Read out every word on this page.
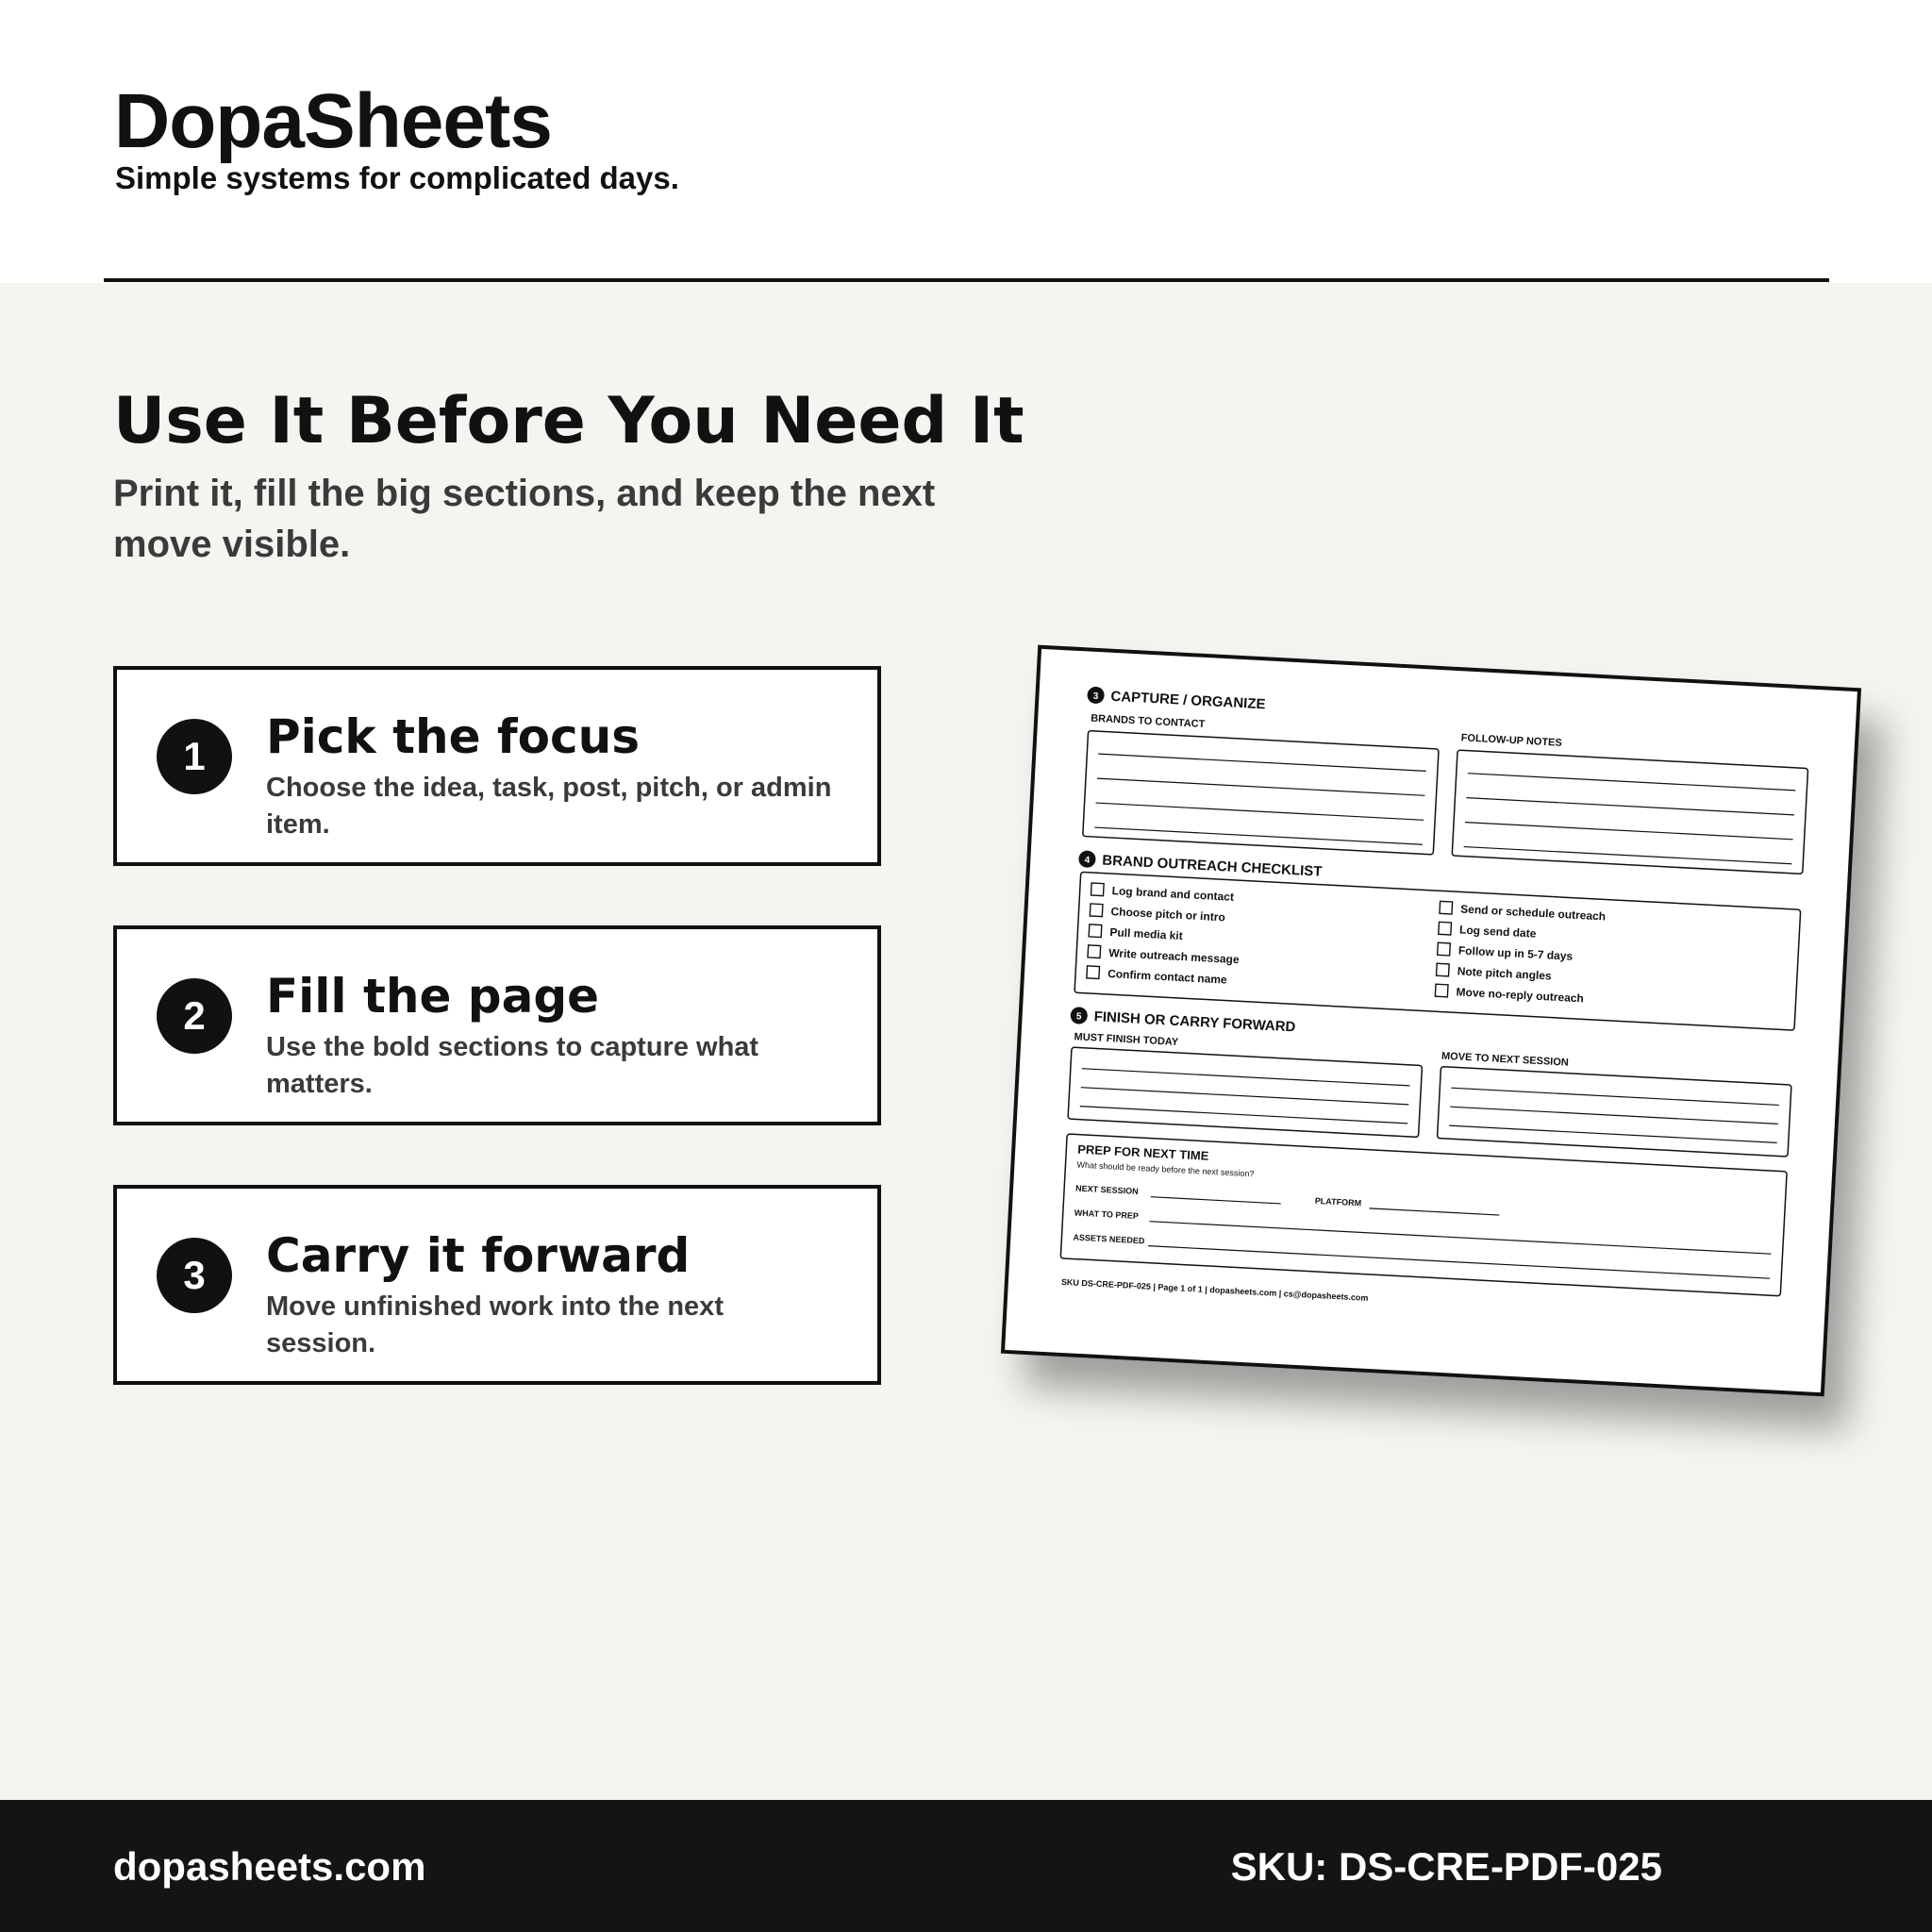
DopaSheets

Simple systems for complicated days.

Use It Before You Need It

Print it, fill the big sections, and keep the next move visible.

1	Pick the focus

Choose the idea, task, post, pitch, or admin item.

2	Fill the page

Use the bold sections to capture what matters.

3	Carry it forward

Move unfinished work into the next session.

3 CAPTURE / ORGANIZE
BRANDS TO CONTACT
FOLLOW-UP NOTES
4 BRAND OUTREACH CHECKLIST
Log brand and contact
Choose pitch or intro
Pull media kit
Write outreach message
Confirm contact name
Send or schedule outreach
Log send date
Follow up in 5-7 days
Note pitch angles
Move no-reply outreach
5 FINISH OR CARRY FORWARD
MUST FINISH TODAY
MOVE TO NEXT SESSION
PREP FOR NEXT TIME
What should be ready before the next session?
NEXT SESSION
PLATFORM
WHAT TO PREP
ASSETS NEEDED
SKU DS-CRE-PDF-025 | Page 1 of 1 | dopasheets.com | cs@dopasheets.com

dopasheets.com	SKU: DS-CRE-PDF-025
